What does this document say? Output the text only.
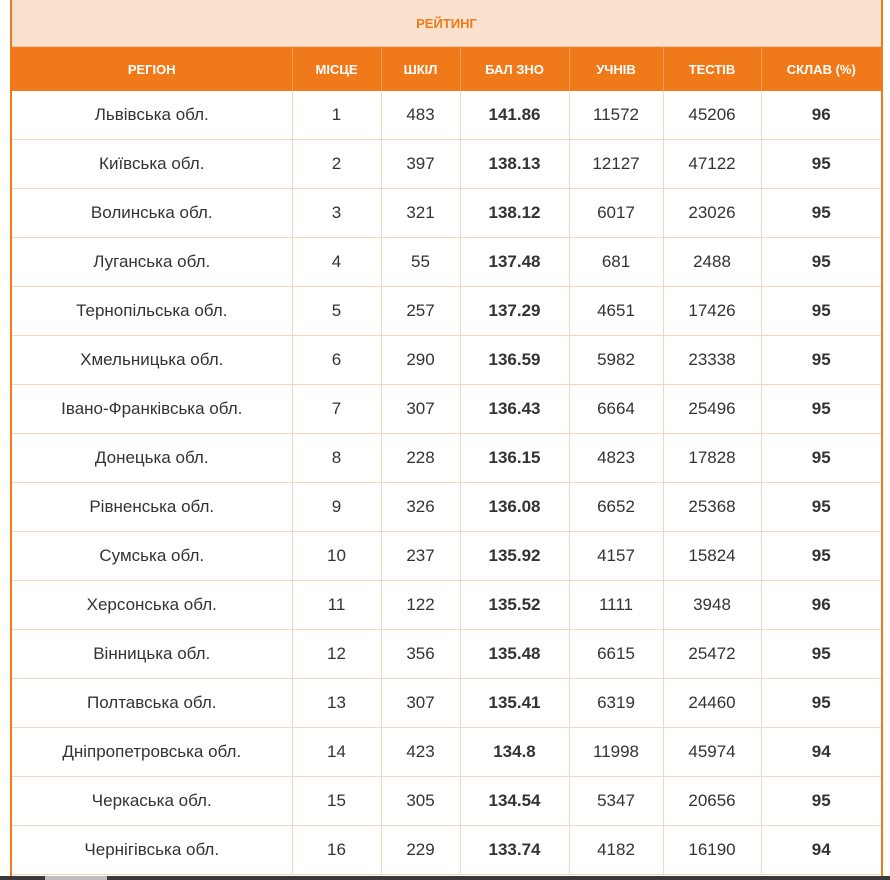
РЕЙТИНГ						
РЕГІОН	МІСЦЕ	ШКІЛ	БАЛ ЗНО	УЧНІВ	ТЕСТІВ	СКЛАВ (%)
Львівська обл.	1	483	141.86	11572	45206	96
Київська обл.	2	397	138.13	12127	47122	95
Волинська обл.	3	321	138.12	6017	23026	95
Луганська обл.	4	55	137.48	681	2488	95
Тернопільська обл.	5	257	137.29	4651	17426	95
Хмельницька обл.	6	290	136.59	5982	23338	95
Івано-Франківська обл.	7	307	136.43	6664	25496	95
Донецька обл.	8	228	136.15	4823	17828	95
Рівненська обл.	9	326	136.08	6652	25368	95
Сумська обл.	10	237	135.92	4157	15824	95
Херсонська обл.	11	122	135.52	1111	3948	96
Вінницька обл.	12	356	135.48	6615	25472	95
Полтавська обл.	13	307	135.41	6319	24460	95
Дніпропетровська обл.	14	423	134.8	11998	45974	94
Черкаська обл.	15	305	134.54	5347	20656	95
Чернігівська обл.	16	229	133.74	4182	16190	94
